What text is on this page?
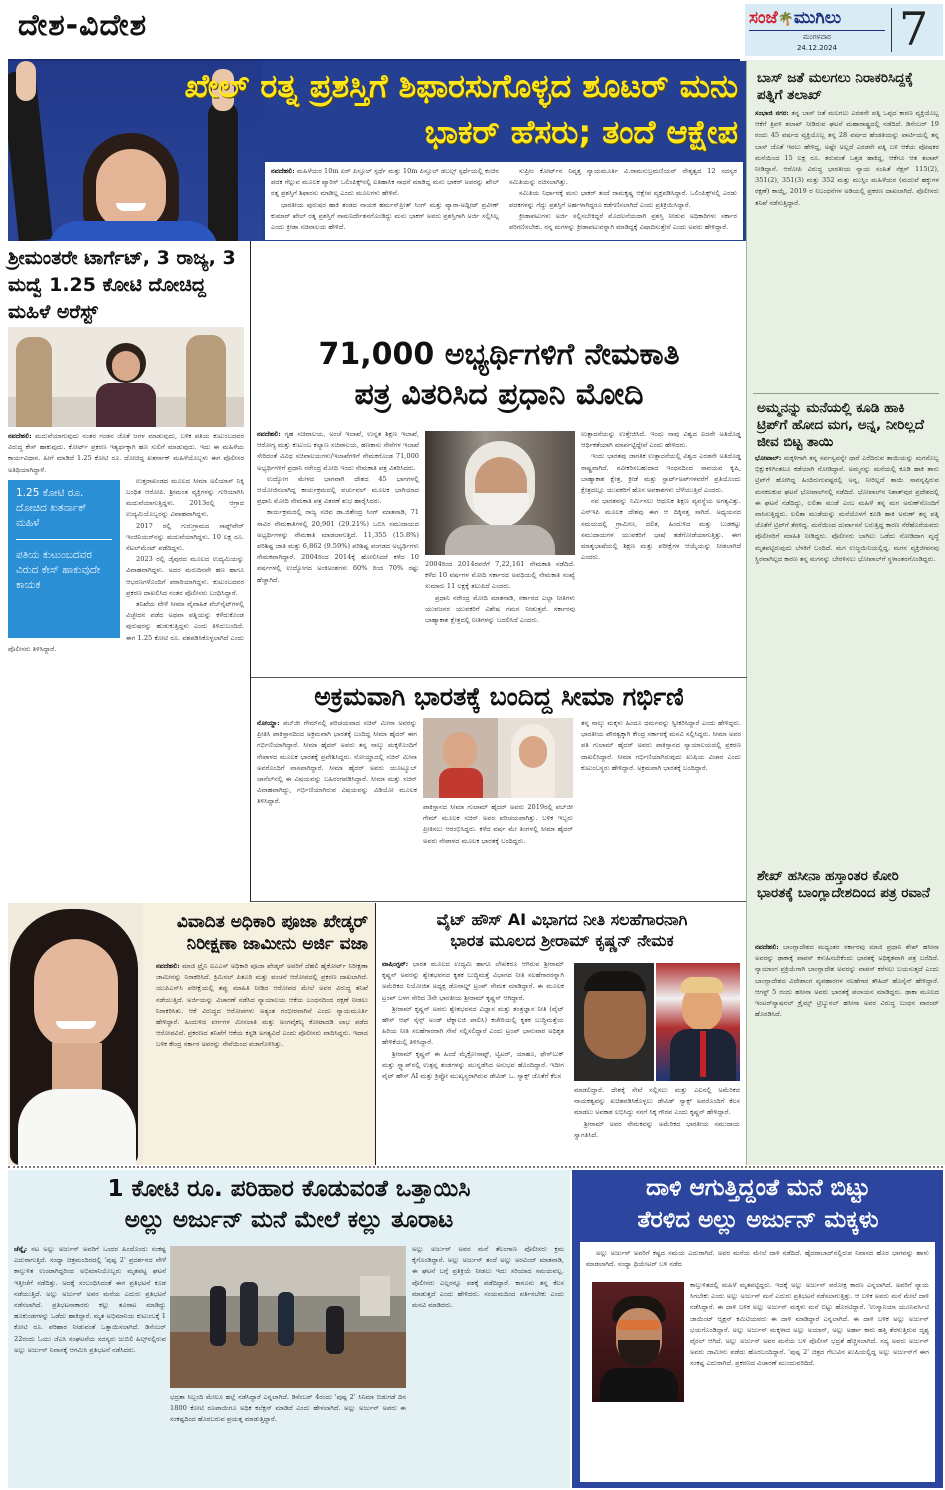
ದೇಶ-ವಿದೇಶ	ಸಂಜೆ🌴ಮುಗಿಲು
ಮಂಗಳವಾರ
24.12.2024	7
ಖೇಲ್ ರತ್ನ ಪ್ರಶಸ್ತಿಗೆ ಶಿಫಾರಸುಗೊಳ್ಳದ ಶೂಟರ್ ಮನು
ಭಾಕರ್ ಹೆಸರು; ತಂದೆ ಆಕ್ಷೇಪ

ನವದೆಹಲಿ: ಮಹಿಳೆಯರ 10m ಏರ್ ಪಿಸ್ತೂಲ್ ಸ್ಪರ್ಧೆ ಮತ್ತು 10m ಪಿಸ್ತೂಲ್ ಡಬಲ್ಸ್ ಸ್ಪರ್ಧೆಯಲ್ಲಿ ಕಂಚಿನ ಪದಕ ಗೆಲ್ಲುವ ಮೂಲಕ ಪ್ಯಾರಿಸ್ ಒಲಿಂಪಿಕ್ಸ್‌ನಲ್ಲಿ ಐತಿಹಾಸಿಕ ಸಾಧನೆ ಮಾಡಿದ್ದ ಮನು ಭಾಕರ್ ಅವರನ್ನು ಖೇಲ್ ರತ್ನ ಪ್ರಶಸ್ತಿಗೆ ಶಿಫಾರಸು ಮಾಡಿಲ್ಲ ಎಂದು ಮೂಲಗಳು ಹೇಳಿವೆ.

ಭಾರತೀಯ ಪುರುಷರ ಹಾಕಿ ತಂಡದ ನಾಯಕ ಹರ್ಮನ್‌ಪ್ರೀತ್ ಸಿಂಗ್ ಮತ್ತು ಪ್ಯಾರಾ-ಅಥ್ಲೀಟ್ ಪ್ರವೀಣ್ ಕುಮಾರ್ ಖೇಲ್ ರತ್ನ ಪ್ರಶಸ್ತಿಗೆ ನಾಮನಿರ್ದೇಶನಗೊಂಡಿದ್ದು ಮನು ಭಾಕರ್ ಅವರು ಪ್ರಶಸ್ತಿಗಾಗಿ ಅರ್ಜಿ ಸಲ್ಲಿಸಿಲ್ಲ ಎಂದು ಕ್ರೀಡಾ ಸಚಿವಾಲಯ ಹೇಳಿದೆ.

ಸುಪ್ರೀಂ ಕೋರ್ಟ್‌ನ ನಿವೃತ್ತ ನ್ಯಾಯಮೂರ್ತಿ ವಿ.ರಾಮಸುಬ್ರಮಣಿಯನ್ ನೇತೃತ್ವದ 12 ಸದಸ್ಯರ ಸಮಿತಿಯನ್ನು ರಚಿಸಲಾಗಿತ್ತು.

ಸಮಿತಿಯ ನಿರ್ಧಾರಕ್ಕೆ ಮನು ಭಾಕರ್ ತಂದೆ ರಾಮಕೃಷ್ಣ ಆಕ್ಷೇಪ ವ್ಯಕ್ತಪಡಿಸಿದ್ದಾರೆ. ಒಲಿಂಪಿಕ್ಸ್‌ನಲ್ಲಿ ಎರಡು ಪದಕಗಳನ್ನು ಗೆದ್ದು ಪ್ರಶಸ್ತಿಗೆ ಅರ್ಹಳಾಗಿದ್ದರೂ ಕಡೆಗಣಿಸಲಾಗಿದೆ ಎಂದು ಪ್ರತಿಕ್ರಿಯಿಸಿದ್ದಾರೆ.

ಕ್ರೀಡಾಪಟುಗಳು ಅರ್ಜಿ ಸಲ್ಲಿಸಬೇಕಿದ್ದರೆ ಮೊದಲನೆಯದಾಗಿ ಪ್ರಶಸ್ತಿ ನೀಡುವ ಅಧಿಕಾರಿಗಳು ಸರ್ಕಾರ ಪರಿಗಣಿಸಬೇಕು. ನನ್ನ ಮಗಳನ್ನು ಕ್ರೀಡಾಪಟುವನ್ನಾಗಿ ಮಾಡಿದ್ದಕ್ಕೆ ವಿಷಾದಿಸುತ್ತೇನೆ ಎಂದು ಅವರು ಹೇಳಿದ್ದಾರೆ.

ಬಾಸ್ ಜತೆ ಮಲಗಲು ನಿರಾಕರಿಸಿದ್ದಕ್ಕೆ ಪತ್ನಿಗೆ ತಲಾಖ್

ಸಂಭಾಜಿ ನಗರ: ತನ್ನ ಬಾಸ್ ಜತೆ ಮಲಗಲು ಎರಡನೇ ಪತ್ನಿ ಒಪ್ಪದ ಕಾರಣ ವ್ಯಕ್ತಿಯೊಬ್ಬ ಆಕೆಗೆ ತ್ರಿವಳಿ ತಲಾಖ್ ನೀಡಿರುವ ಘಟನೆ ಮಹಾರಾಷ್ಟ್ರದಲ್ಲಿ ನಡೆದಿದೆ. ಡಿಸೆಂಬರ್ 19 ರಂದು 45 ವರ್ಷದ ವ್ಯಕ್ತಿಯೊಬ್ಬ ತನ್ನ 28 ವರ್ಷದ ಹೆಂಡತಿಯನ್ನು ಪಾರ್ಟಿಯಲ್ಲಿ ತನ್ನ ಬಾಸ್ ಜೊತೆ ಇರಲು ಹೇಳಿದ್ದ, ಅಷ್ಟೇ ಅಲ್ಲದೆ ಎರಡನೇ ಪತ್ನಿ ಬಳಿ ಆಕೆಯ ಪೋಷಕರ ಮನೆಯಿಂದ 15 ಲಕ್ಷ ರೂ. ತರುವಂತೆ ಒತ್ತಡ ಹಾಕಿದ್ದ, ಆಕೆಗೂ ಆತ ತಲಾಖ್ ನೀಡಿದ್ದಾನೆ. ಆರೋಪಿ ವಿರುದ್ಧ ಭಾರತೀಯ ನ್ಯಾಯ ಸಂಹಿತೆ ಸೆಕ್ಷನ್ 115(2), 351(2), 351(3) ಮತ್ತು 352 ಮತ್ತು ಮುಸ್ಲಿಂ ಮಹಿಳೆಯರ (ಮದುವೆ ಹಕ್ಕುಗಳ ರಕ್ಷಣೆ) ಕಾಯ್ದೆ, 2019 ರ ನಿಬಂಧನೆಗಳ ಅಡಿಯಲ್ಲಿ ಪ್ರಕರಣ ದಾಖಲಾಗಿದೆ. ಪೊಲೀಸರು ತನಿಖೆ ನಡೆಸುತ್ತಿದ್ದಾರೆ.

ಅಮ್ಮನನ್ನು ಮನೆಯಲ್ಲಿ ಕೂಡಿ ಹಾಕಿ ಟ್ರಿಪ್‌ಗೆ ಹೋದ ಮಗ, ಅನ್ನ, ನೀರಿಲ್ಲದೆ ಜೀವ ಬಿಟ್ಟ ತಾಯಿ

ಭೋಪಾಲ್: ಮಕ್ಕಳಿಗಾಗಿ ತನ್ನ ಸರ್ವಸ್ವವನ್ನೇ ಧಾರೆ ಎರೆದಿರುವ ತಾಯಿಯನ್ನು ಮಗನೊಬ್ಬ ಭಿಕ್ಷುಕಳಿಗಿಂತಲೂ ಕಡೆಯಾಗಿ ನೋಡಿದ್ದಾನೆ. ಅಮ್ಮನನ್ನು ಮನೆಯಲ್ಲಿ ಕೂಡಿ ಹಾಕಿ ತಾನು ಟ್ರಿಪ್‌ಗೆ ಹೋಗಿದ್ದ ಹಿಂದಿರುಗುವಷ್ಟರಲ್ಲಿ ಅನ್ನ, ನೀರಿಲ್ಲದೆ ತಾಯಿ ಸಾವನ್ನಪ್ಪಿರುವ ಮನಕಲಕುವ ಘಟನೆ ಭೋಪಾಲ್‌ನಲ್ಲಿ ನಡೆದಿದೆ. ಭೋಪಾಲ್‌ನ ನಿಶಾತ್‌ಪುರ ಪ್ರದೇಶದಲ್ಲಿ ಈ ಘಟನೆ ನಡೆದಿದ್ದು, ಲಲಿತಾ ಮುಡೆ ಎಂಬ ಮಹಿಳೆ ತನ್ನ ಮಗ ಅರುಣ್‌ನೊಂದಿಗೆ ವಾಸಿಸುತ್ತಿದ್ದರು. ಲಲಿತಾ ಮುಡೆಯನ್ನು ಮನೆಯೊಳಗೆ ಕೂಡಿ ಹಾಕಿ ಅರುಣ್ ತನ್ನ ಪತ್ನಿ ಜೊತೆಗೆ ಟ್ರಿಪ್‌ಗೆ ತೆರಳಿದ್ದ. ಮನೆಯಿಂದ ದುರ್ವಾಸನೆ ಬರುತ್ತಿದ್ದ ಕಾರಣ ನೆರೆಹೊರೆಯವರು ಪೊಲೀಸರಿಗೆ ಮಾಹಿತಿ ನೀಡಿದ್ದರು. ಪೊಲೀಸರು ಬಾಗಿಲು ಒಡೆದು ನೋಡಿದಾಗ ವೃದ್ಧೆ ಮೃತಪಟ್ಟಿರುವುದು ಬೆಳಕಿಗೆ ಬಂದಿದೆ. ಮಗ ಉಜ್ಜಯಿನಿಯಲ್ಲಿದ್ದ. ಮಗನ ವ್ಯಕ್ತಿಜೀವನವು ಸ್ಥಿರವಾಗಿಲ್ಲದ ಕಾರಣ ತನ್ನ ಮಗನನ್ನು ಬೇರಳಿಸಲು ಭೋಪಾಲ್‌ಗೆ ಸ್ಥಳಾಂತರಗೊಂಡಿದ್ದರು.

ಶೇಖ್ ಹಸೀನಾ ಹಸ್ತಾಂತರ ಕೋರಿ ಭಾರತಕ್ಕೆ ಬಾಂಗ್ಲಾದೇಶದಿಂದ ಪತ್ರ ರವಾನೆ

ನವದೆಹಲಿ: ಬಾಂಗ್ಲಾದೇಶದ ಮಧ್ಯಂತರ ಸರ್ಕಾರವು ಮಾಜಿ ಪ್ರಧಾನಿ ಶೇಖ್ ಹಸೀನಾ ಅವರನ್ನು ಢಾಕಾಕ್ಕೆ ವಾಪಸ್ ಕಳುಹಿಸಬೇಕೆಂದು ಭಾರತಕ್ಕೆ ಅಧಿಕೃತವಾಗಿ ಪತ್ರ ಬರೆದಿದೆ. ನ್ಯಾಯಾಂಗ ಪ್ರಕ್ರಿಯೆಗಾಗಿ ಬಾಂಗ್ಲಾದೇಶ ಅವರನ್ನು ವಾಪಸ್ ಕರೆಸಲು ಬಯಸುತ್ತದೆ ಎಂದು ಬಾಂಗ್ಲಾದೇಶದ ವಿದೇಶಾಂಗ ವ್ಯವಹಾರಗಳ ಸಲಹೆಗಾರ ತೌಹಿದ್ ಹೊಸೈನ್ ಹೇಳಿದ್ದಾರೆ. ಆಗಸ್ಟ್ 5 ರಂದು ಹಸೀನಾ ಅವರು ಭಾರತಕ್ಕೆ ಪಲಾಯನ ಮಾಡಿದ್ದರು. ಢಾಕಾ ಮೂಲದ ಇಂಟರ್‌ನ್ಯಾಷನಲ್ ಕ್ರೈಮ್ಸ್ ಟ್ರಿಬ್ಯುನಲ್ ಹಸೀನಾ ಅವರ ವಿರುದ್ಧ ಬಂಧನ ವಾರಂಟ್ ಹೊರಡಿಸಿದೆ.

ಶ್ರೀಮಂತರೇ ಟಾರ್ಗೆಟ್, 3 ರಾಜ್ಯ, 3 ಮದ್ವೆ 1.25 ಕೋಟಿ ದೋಚಿದ್ದ ಮಹಿಳೆ ಅರೆಸ್ಟ್

ನವದೆಹಲಿ: ಮದುವೆಯಾಗುವುದು ನಂತರ ಗಂಡನ ಜೊತೆ ಜಗಳ ಮಾಡುವುದು, ಬಳಿಕ ಪತಿಯ ಕುಟುಂಬದವರ ವಿರುದ್ಧ ಕೇಸ್ ಹಾಕುವುದು. ಕೋರ್ಟ್ ಪ್ರಕರಣ ಇತ್ಯರ್ಥಕ್ಕಾಗಿ ಹಣ ಸುಲಿಗೆ ಮಾಡುವುದು. ಇದು ಈ ಮಹಿಳೆಯ ಕಾರ್ಯವಿಧಾನ. ಹೀಗೆ ಮಾಡಿದೆ 1.25 ಕೋಟಿ ರೂ. ದೋಚಿದ್ದ ಖತರ್ನಾಕ್ ಮಹಿಳೆಯೊಬ್ಬಳು ಈಗ ಪೊಲೀಸರ ಅತಿಥಿಯಾಗಿದ್ದಾಳೆ.

1.25 ಕೋಟಿ ರೂ. ದೋಚಿದ ಖತರ್ನಾಕ್ ಮಹಿಳೆ
ಪತಿಯ ಕುಟುಂಬದವರ ವಿರುದ ಕೇಸ್ ಹಾಕುವುದೇ ಕಾಯಕ

ಉತ್ತರಾಖಂಡದ ಮೂಲದ ಸೀಮಾ ಅಲಿಯಾಸ್ ನಿಕ್ಕಿ ಬಂಧಿತ ಆರೋಪಿ. ಶ್ರೀಮಂತ ವ್ಯಕ್ತಿಗಳನ್ನು ಗುರಿಯಾಗಿಸಿ ಮದುವೆಯಾಗುತ್ತಿದ್ದಳು. 2013ರಲ್ಲಿ ಆಗ್ರಾದ ಉದ್ಯಮಿಯೊಬ್ಬರನ್ನು ವಿವಾಹವಾಗಿದ್ದಳು.

2017 ರಲ್ಲಿ ಗುರುಗ್ರಾಮದ ಸಾಫ್ಟ್‌ವೇರ್ ಇಂಜಿನಿಯರ್‌ನನ್ನು ಮದುವೆಯಾಗಿದ್ದಳು. 10 ಲಕ್ಷ ರೂ. ಸೆಟಲ್‌ಮೆಂಟ್ ಪಡೆದಿದ್ದಳು.

2023 ರಲ್ಲಿ ಜೈಪುರದ ಮೂಲದ ಉದ್ಯಮಿಯನ್ನು ವಿವಾಹವಾಗಿದ್ದಳು. ಅದರ ಮರುದಿನವೇ ಹಣ ಹಾಗೂ ಆಭರಣಗಳೊಂದಿಗೆ ಪರಾರಿಯಾಗಿದ್ದಳು. ಕುಟುಂಬದವರ ಪ್ರಕರಣ ದಾಖಲಿಸಿದ ನಂತರ ಪೊಲೀಸರು ಬಂಧಿಸಿದ್ದಾರೆ.

ತನಿಖೆಯ ವೇಳೆ ಸೀಮಾ ವೈವಾಹಿಕ ವೆಬ್‌ಸೈಟ್‌ಗಳಲ್ಲಿ ವಿಚ್ಛೇದನ ಪಡೆದ ಅಥವಾ ಪತ್ನಿಯನ್ನು ಕಳೆದುಕೊಂಡ ಪುರುಷರನ್ನು ಹುಡುಕುತ್ತಿದ್ದಳು ಎಂದು ತಿಳಿದುಬಂದಿದೆ. ಈಗ 1.25 ಕೋಟಿ ರೂ. ವಶಪಡಿಸಿಕೊಳ್ಳಲಾಗಿದೆ ಎಂದು ಪೊಲೀಸರು ತಿಳಿಸಿದ್ದಾರೆ.

71,000 ಅಭ್ಯರ್ಥಿಗಳಿಗೆ ನೇಮಕಾತಿ
ಪತ್ರ ವಿತರಿಸಿದ ಪ್ರಧಾನಿ ಮೋದಿ

ನವದೆಹಲಿ: ಗೃಹ ಸಚಿವಾಲಯ, ಅಂಚೆ ಇಲಾಖೆ, ಉನ್ನತ ಶಿಕ್ಷಣ ಇಲಾಖೆ, ಆರೋಗ್ಯ ಮತ್ತು ಕುಟುಂಬ ಕಲ್ಯಾಣ ಸಚಿವಾಲಯ, ಹಣಕಾಸು ಸೇವೆಗಳ ಇಲಾಖೆ ಸೇರಿದಂತೆ ವಿವಿಧ ಸಚಿವಾಲಯಗಳು/ಇಲಾಖೆಗಳಿಗೆ ನೇಮಕಗೊಂಡ 71,000 ಅಭ್ಯರ್ಥಿಗಳಿಗೆ ಪ್ರಧಾನಿ ನರೇಂದ್ರ ಮೋದಿ ಇಂದು ನೇಮಕಾತಿ ಪತ್ರ ವಿತರಿಸಿದರು.

ಉದ್ಯೋಗ ಮೇಳದ ಭಾಗವಾಗಿ ದೇಶದ 45 ಭಾಗಗಳಲ್ಲಿ ಆಯೋಜಿಸಲಾಗಿದ್ದ ಕಾರ್ಯಕ್ರಮದಲ್ಲಿ ವರ್ಚುವಲ್ ಮೂಲಕ ಭಾಗಿಯಾದ ಪ್ರಧಾನಿ ಮೋದಿ ನೇಮಕಾತಿ ಪತ್ರ ವಿತರಣೆ ಶುಭ ಹಾರೈಸಿದರು.

ಕಾರ್ಯಕ್ರಮದಲ್ಲಿ ರಾಜ್ಯ ಸಚಿವ ಡಾ.ಜಿತೇಂದ್ರ ಸಿಂಗ್ ಮಾತನಾಡಿ, 71 ಸಾವಿರ ನೇಮಕಾತಿಗಳಲ್ಲಿ 20,901 (29.21%) ಒಬಿಸಿ ಸಮುದಾಯದ ಅಭ್ಯರ್ಥಿಗಳನ್ನು ನೇಮಕಾತಿ ಮಾಡಲಾಗುತ್ತಿದೆ. 11,355 (15.8%) ಪರಿಶಿಷ್ಟ ಜಾತಿ ಮತ್ತು 6,862 (9.59%) ಪರಿಶಿಷ್ಟ ಪಂಗಡದ ಅಭ್ಯರ್ಥಿಗಳು ನೇಮಕವಾಗಿದ್ದಾರೆ. 2004ರಿಂದ 2014ಕ್ಕೆ ಹೋಲಿಸಿದರೆ ಕಳೆದ 10 ವರ್ಷಗಳಲ್ಲಿ ಉದ್ಯೋಗದ ಅಂಕಿಅಂಶಗಳು 60% ರಿಂದ 70% ರಷ್ಟು ಹೆಚ್ಚಾಗಿದೆ.

2004ರಿಂದ 2014ರವರೆಗೆ 7,22,161 ನೇಮಕಾತಿ ನಡೆದಿದೆ. ಕಳೆದ 10 ವರ್ಷಗಳ ಮೋದಿ ಸರ್ಕಾರದ ಅವಧಿಯಲ್ಲಿ ನೇಮಕಾತಿ ಸಂಖ್ಯೆ ಸುಮಾರು 11 ಲಕ್ಷಕ್ಕೆ ತಲುಪಿದೆ ಎಂದರು.

ಪ್ರಧಾನಿ ನರೇಂದ್ರ ಮೋದಿ ಮಾತನಾಡಿ, ಸರ್ಕಾರದ ಎಲ್ಲಾ ನೀತಿಗಳು ಯುವಜನರ ಯುವಕರಿಗೆ ವಿಶೇಷ ಗಮನ ನೀಡುತ್ತವೆ. ಸರ್ಕಾರವು ಬಾಹ್ಯಾಕಾಶ ಕ್ಷೇತ್ರದಲ್ಲಿ ನೀತಿಗಳನ್ನು ಬದಲಿಸಿದೆ ಎಂದರು.

ಉತ್ಪಾದನೆಯನ್ನು ಉತ್ತೇಜಿಸಿದೆ. ಇಂದು ನಾವು ವಿಶ್ವದ ಐದನೇ ಅತಿದೊಡ್ಡ ಆರ್ಥಿಕತೆಯಾಗಿ ಮಾರ್ಪಟ್ಟಿದ್ದೇವೆ ಎಂದು ಹೇಳಿದರು.

ಇಂದು ಭಾರತವು ಜಾಗತಿಕ ಉತ್ಪಾದನೆಯಲ್ಲಿ ವಿಶ್ವದ ಎರಡನೇ ಅತಿದೊಡ್ಡ ರಾಷ್ಟ್ರವಾಗಿದೆ. ನವೀಕರಿಸಬಹುದಾದ ಇಂಧನದಿಂದ ಸಾವಯವ ಕೃಷಿ, ಬಾಹ್ಯಾಕಾಶ ಕ್ಷೇತ್ರ, ಕ್ರೀಡೆ ಮತ್ತು ಸ್ಟಾರ್ಟ್‌ಅಪ್‌ಗಳವರೆಗೆ ಪ್ರತಿಯೊಂದು ಕ್ಷೇತ್ರದಲ್ಲೂ ಯುವಕರಿಗೆ ಹೊಸ ಅವಕಾಶಗಳು ಬೆಳೆಯುತ್ತಿವೆ ಎಂದರು.

ನವ ಭಾರತವನ್ನು ನಿರ್ಮಿಸಲು ಆಧುನಿಕ ಶಿಕ್ಷಣ ವ್ಯವಸ್ಥೆಯ ಅಗತ್ಯವಿತ್ತು. ಎನ್‌ಇಪಿ ಮೂಲಕ ದೇಶವು ಈಗ ಆ ದಿಕ್ಕಿನತ್ತ ಸಾಗಿದೆ. ಅಧ್ಯಯನದ ಸಮಯದಲ್ಲಿ ಗ್ರಾಮೀಣ, ದಲಿತ, ಹಿಂದುಳಿದ ಮತ್ತು ಬುಡಕಟ್ಟು ಸಮುದಾಯಗಳ ಯುವಕರಿಗೆ ಭಾಷೆ ತಡೆಗೋಡೆಯಾಗುತ್ತಿತ್ತು. ಈಗ ಮಾತೃಭಾಷೆಯಲ್ಲಿ ಶಿಕ್ಷಣ ಮತ್ತು ಪರೀಕ್ಷೆಗಳ ಆಯ್ಕೆಯನ್ನು ನೀಡಲಾಗಿದೆ ಎಂದರು.

ಅಕ್ರಮವಾಗಿ ಭಾರತಕ್ಕೆ ಬಂದಿದ್ದ ಸೀಮಾ ಗರ್ಭಿಣಿ

ನೋಯ್ಡಾ: ಪಬ್‌ಜೀ ಗೇಮ್‌ನಲ್ಲಿ ಪರಿಚಯವಾದ ಸಚಿನ್ ಮೀನಾ ಅವರನ್ನು ಪ್ರೀತಿಸಿ ಪಾಕಿಸ್ತಾನದಿಂದ ಅಕ್ರಮವಾಗಿ ಭಾರತಕ್ಕೆ ಬಂದಿದ್ದ ಸೀಮಾ ಹೈದರ್ ಈಗ ಗರ್ಭಿಣಿಯಾಗಿದ್ದಾರೆ. ಸೀಮಾ ಹೈದರ್ ಅವರು ತನ್ನ ನಾಲ್ಕು ಮಕ್ಕಳೊಂದಿಗೆ ನೇಪಾಳದ ಮೂಲಕ ಭಾರತಕ್ಕೆ ಪ್ರವೇಶಿಸಿದ್ದರು. ನೋಯ್ಡಾದಲ್ಲಿ ಸಚಿನ್ ಮೀನಾ ಅವರೊಂದಿಗೆ ವಾಸವಾಗಿದ್ದಾರೆ. ಸೀಮಾ ಹೈದರ್ ಅವರು ಯೂಟ್ಯೂಬ್ ಚಾನೆಲ್‌ನಲ್ಲಿ ಈ ವಿಷಯವನ್ನು ಬಹಿರಂಗಪಡಿಸಿದ್ದಾರೆ. ಸೀಮಾ ಮತ್ತು ಸಚಿನ್ ವಿವಾಹವಾಗಿದ್ದು, ಗರ್ಭಿಣಿಯಾಗಿರುವ ವಿಷಯವನ್ನು ವಿಡಿಯೋ ಮೂಲಕ ತಿಳಿಸಿದ್ದಾರೆ.

ಪಾಕಿಸ್ತಾನದ ಸೀಮಾ ಗುಲಾಮ್ ಹೈದರ್ ಅವರು 2019ರಲ್ಲಿ ಪಬ್‌ಜೀ ಗೇಮ್ ಮೂಲಕ ಸಚಿನ್ ಅವರ ಪರಿಚಯವಾಗಿತ್ತು. ಬಳಿಕ ಇಬ್ಬರು ಪ್ರೀತಿಸಲು ಆರಂಭಿಸಿದ್ದರು. ಕಳೆದ ವರ್ಷ ಮೇ ತಿಂಗಳಲ್ಲಿ ಸೀಮಾ ಹೈದರ್ ಅವರು ನೇಪಾಳದ ಮೂಲಕ ಭಾರತಕ್ಕೆ ಬಂದಿದ್ದರು.

ತನ್ನ ನಾಲ್ಕು ಮಕ್ಕಳು ಹಿಂದೂ ಧರ್ಮವನ್ನು ಸ್ವೀಕರಿಸಿದ್ದಾರೆ ಎಂದು ಹೇಳಿದ್ದರು. ಭಾರತೀಯ ಪೌರತ್ವಕ್ಕಾಗಿ ಕೇಂದ್ರ ಸರ್ಕಾರಕ್ಕೆ ಮನವಿ ಸಲ್ಲಿಸಿದ್ದರು. ಸೀಮಾ ಅವರ ಪತಿ ಗುಲಾಮ್ ಹೈದರ್ ಅವರು ಪಾಕಿಸ್ತಾನದ ನ್ಯಾಯಾಲಯದಲ್ಲಿ ಪ್ರಕರಣ ದಾಖಲಿಸಿದ್ದಾರೆ. ಸೀಮಾ ಗರ್ಭಿಣಿಯಾಗಿರುವುದು ಖುಷಿಯ ವಿಚಾರ ಎಂದು ಕುಟುಂಬಸ್ಥರು ಹೇಳಿದ್ದಾರೆ. ಅಕ್ರಮವಾಗಿ ಭಾರತಕ್ಕೆ ಬಂದಿದ್ದಾರೆ.

ವಿವಾದಿತ ಅಧಿಕಾರಿ ಪೂಜಾ ಖೇಡ್ಕರ್
ನಿರೀಕ್ಷಣಾ ಜಾಮೀನು ಅರ್ಜಿ ವಜಾ

ನವದೆಹಲಿ: ಮಾಜಿ ಟ್ರೈನಿ ಐಎಎಸ್ ಅಧಿಕಾರಿ ಪೂಜಾ ಖೇಡ್ಕರ್ ಅವರಿಗೆ ದೆಹಲಿ ಹೈಕೋರ್ಟ್ ನಿರೀಕ್ಷಣಾ ಜಾಮೀನನ್ನು ನಿರಾಕರಿಸಿದೆ. ಕ್ರಿಮಿನಲ್ ಪಿತೂರಿ ಮತ್ತು ವಂಚನೆ ಆರೋಪದಲ್ಲಿ ಪ್ರಕರಣ ದಾಖಲಾಗಿದೆ. ಯುಪಿಎಸ್‌ಸಿ ಪರೀಕ್ಷೆಯಲ್ಲಿ ತಪ್ಪು ಮಾಹಿತಿ ನೀಡಿದ ಆರೋಪದ ಮೇಲೆ ಅವರ ವಿರುದ್ಧ ತನಿಖೆ ನಡೆಯುತ್ತಿದೆ. ಅರ್ಜಿಯನ್ನು ವಿಚಾರಣೆ ನಡೆಸಿದ ನ್ಯಾಯಾಲಯ ಆಕೆಯ ಬಂಧನದಿಂದ ರಕ್ಷಣೆ ನೀಡಲು ನಿರಾಕರಿಸಿತು. ಆಕೆ ವಿರುದ್ಧದ ಆರೋಪಗಳು ಅತ್ಯಂತ ಗಂಭೀರವಾಗಿವೆ ಎಂದು ನ್ಯಾಯಮೂರ್ತಿ ಹೇಳಿದ್ದಾರೆ. ಹಿಂದುಳಿದ ವರ್ಗಗಳ ಮೀಸಲಾತಿ ಮತ್ತು ಅಂಗವೈಕಲ್ಯ ಕೋಟಾದಡಿ ಲಾಭ ಪಡೆದ ಆರೋಪವಿದೆ. ಪ್ರಕರಣದ ತನಿಖೆಗೆ ಆಕೆಯ ಕಸ್ಟಡಿ ಅಗತ್ಯವಿದೆ ಎಂದು ಪೊಲೀಸರು ವಾದಿಸಿದ್ದರು. ಇದಾದ ಬಳಿಕ ಕೇಂದ್ರ ಸರ್ಕಾರ ಅವರನ್ನು ಸೇವೆಯಿಂದ ವಜಾಗೊಳಿಸಿತ್ತು.

ವೈಟ್ ಹೌಸ್ AI ವಿಭಾಗದ ನೀತಿ ಸಲಹೆಗಾರನಾಗಿ
ಭಾರತ ಮೂಲದ ಶ್ರೀರಾಮ್ ಕೃಷ್ಣನ್ ನೇಮಕ

ವಾಷಿಂಗ್ಟನ್: ಭಾರತ ಮೂಲದ ಉದ್ಯಮಿ ಹಾಗೂ ಲೇಖಕರೂ ಆಗಿರುವ ಶ್ರೀರಾಮ್ ಕೃಷ್ಣನ್ ಅವರನ್ನು ಶ್ವೇತಭವನದ ಕೃತಕ ಬುದ್ಧಿಮತ್ತೆ ವಿಭಾಗದ ನೀತಿ ಸಲಹೆಗಾರರನ್ನಾಗಿ ಅಮೆರಿಕದ ನಿಯೋಜಿತ ಅಧ್ಯಕ್ಷ ಡೊನಾಲ್ಡ್ ಟ್ರಂಪ್ ನೇಮಕ ಮಾಡಿದ್ದಾರೆ. ಈ ಮೂಲಕ ಟ್ರಂಪ್ ಬಳಗ ಸೇರಿದ 3ನೇ ಭಾರತೀಯ ಶ್ರೀರಾಮ್ ಕೃಷ್ಣನ್ ಆಗಿದ್ದಾರೆ.

ಶ್ರೀರಾಮ್ ಕೃಷ್ಣನ್ ಅವರು ಶ್ವೇತಭವನದ ವಿಜ್ಞಾನ ಮತ್ತು ತಂತ್ರಜ್ಞಾನ ನೀತಿ (ವೈಟ್ ಹೌಸ್ ಆಫ್ ಸೈನ್ಸ್ ಅಂಡ್ ಟೆಕ್ನಾಲಜಿ ಪಾಲಿಸಿ) ಕಚೇರಿಯಲ್ಲಿ ಕೃತಕ ಬುದ್ಧಿಮತ್ತೆಯ ಹಿರಿಯ ನೀತಿ ಸಲಹೆಗಾರರಾಗಿ ಸೇವೆ ಸಲ್ಲಿಸಲಿದ್ದಾರೆ ಎಂದು ಟ್ರಂಪ್ ಭಾನುವಾರ ಅಧಿಕೃತ ಹೇಳಿಕೆಯಲ್ಲಿ ತಿಳಿಸಿದ್ದಾರೆ.

ಶ್ರೀರಾಮ್ ಕೃಷ್ಣನ್ ಈ ಹಿಂದೆ ಮೈಕ್ರೋಸಾಫ್ಟ್, ಟ್ವಿಟರ್, ಯಾಹೂ, ಫೇಸ್‌ಬುಕ್ ಮತ್ತು ಸ್ನ್ಯಾಪ್‌ನಲ್ಲಿ ಉತ್ಪನ್ನ ತಂಡಗಳನ್ನು ಮುನ್ನಡೆಸಿದ ಅನುಭವ ಹೊಂದಿದ್ದಾರೆ. ಇದೀಗ ವೈಟ್ ಹೌಸ್ AI ಮತ್ತು ಕ್ರಿಪ್ಟೋ ಮುಖ್ಯಸ್ಥರಾಗಿರುವ ಡೇವಿಡ್ ಒ. ಸ್ಯಾಕ್ಸ್ ಜೊತೆಗೆ ಕೆಲಸ

ಮಾಡಲಿದ್ದಾರೆ. ದೇಶಕ್ಕೆ ಸೇವೆ ಸಲ್ಲಿಸಲು ಮತ್ತು ಎಐನಲ್ಲಿ ಅಮೆರಿಕದ ನಾಯಕತ್ವವನ್ನು ಖಚಿತಪಡಿಸಿಕೊಳ್ಳಲು ಡೇವಿಡ್ ಸ್ಯಾಕ್ಸ್ ಅವರೊಂದಿಗೆ ಕೆಲಸ ಮಾಡಲು ಅವಕಾಶ ಲಭಿಸಿದ್ದು ನನಗೆ ಸಿಕ್ಕ ಗೌರವ ಎಂದು ಕೃಷ್ಣನ್ ಹೇಳಿದ್ದಾರೆ.

ಶ್ರೀರಾಮ್ ಅವರ ನೇಮಕವನ್ನು ಅಮೆರಿಕದ ಭಾರತೀಯ ಸಮುದಾಯ ಸ್ವಾಗತಿಸಿದೆ.

1 ಕೋಟಿ ರೂ. ಪರಿಹಾರ ಕೊಡುವಂತೆ ಒತ್ತಾಯಿಸಿ
ಅಲ್ಲು ಅರ್ಜುನ್ ಮನೆ ಮೇಲೆ ಕಲ್ಲು ತೂರಾಟ

ಚೆನ್ನೈ: ನಟ ಅಲ್ಲು ಅರ್ಜುನ್ ಅವರಿಗೆ ಒಂದರ ಹಿಂದೊಂದು ಸಂಕಷ್ಟ ಎದುರಾಗುತ್ತಿದೆ. ಸಂಧ್ಯಾ ಚಿತ್ರಮಂದಿರದಲ್ಲಿ 'ಪುಷ್ಪ 2' ಪ್ರದರ್ಶನದ ವೇಳೆ ಕಾಲ್ತುಳಿತ ಉಂಟಾಗಿದ್ದರಿಂದ ಅಭಿಮಾನಿಯೊಬ್ಬರು ಮೃತಪಟ್ಟ ಘಟನೆ ಇತ್ತೀಚೆಗೆ ನಡೆದಿತ್ತು. ಅದಕ್ಕೆ ಸಂಬಂಧಿಸಿದಂತೆ ಈಗ ಪ್ರತಿಭಟನೆ ಕೂಡ ನಡೆಯುತ್ತಿದೆ. ಅಲ್ಲು ಅರ್ಜುನ್ ಅವರ ಮನೆಯ ಎದುರು ಪ್ರತಿಭಟನೆ ನಡೆಸಲಾಗಿದೆ. ಪ್ರತಿಭಟನಾಕಾರರು ಕಲ್ಲು ತೂರಾಟ ಮಾಡಿದ್ದು ಹೂಕುಂಡಗಳನ್ನು ಒಡೆದು ಹಾಕಿದ್ದಾರೆ. ಮೃತ ಅಭಿಮಾನಿಯ ಕುಟುಂಬಕ್ಕೆ 1 ಕೋಟಿ ರೂ. ಪರಿಹಾರ ನೀಡುವಂತೆ ಒತ್ತಾಯಿಸಲಾಗಿದೆ. ಡಿಸೆಂಬರ್ 22ರಂದು ಓಯು ಜೆಎಸಿ ಸಂಘಟನೆಯ ಸದಸ್ಯರು ಜುಬಿಲಿ ಹಿಲ್ಸ್‌ನಲ್ಲಿರುವ ಅಲ್ಲು ಅರ್ಜುನ್ ನಿವಾಸಕ್ಕೆ ಆಗಮಿಸಿ ಪ್ರತಿಭಟನೆ ನಡೆಸಿದರು.

ಭದ್ರತಾ ಸಿಬ್ಬಂದಿ ಮೇಲೂ ಹಲ್ಲೆ ನಡೆಸಿದ್ದಾರೆ ಎನ್ನಲಾಗಿದೆ. ಡಿಸೆಂಬರ್ 4ರಂದು 'ಪುಷ್ಪ 2' ಸಿನಿಮಾ ಬಿಡುಗಡೆ ದಿನ 1800 ಕೋಟಿ ರೂಪಾಯಿಗೂ ಅಧಿಕ ಕಲೆಕ್ಷನ್ ಮಾಡಿದೆ ಎಂದು ಹೇಳಲಾಗಿದೆ. ಅಲ್ಲು ಅರ್ಜುನ್ ಅವರು ಈ ಸಂಕಷ್ಟದಿಂದ ಹೊರಬರುವ ಪ್ರಯತ್ನ ಮಾಡುತ್ತಿದ್ದಾರೆ.

ಅಲ್ಲು ಅರ್ಜುನ್ ಅವರ ಮನೆ ತೆಲಂಗಾಣ ಪೊಲೀಸರು ಕ್ರಮ ಕೈಗೊಂಡಿದ್ದಾರೆ. ಅಲ್ಲು ಅರ್ಜುನ್ ತಂದೆ ಅಲ್ಲು ಅರವಿಂದ್ ಮಾತನಾಡಿ, ಈ ಘಟನೆ ಬಗ್ಗೆ ಪ್ರತಿಕ್ರಿಯೆ ನೀಡಲು ಇದು ಸರಿಯಾದ ಸಮಯವಲ್ಲ. ಪೊಲೀಸರು ಎಲ್ಲರನ್ನೂ ವಶಕ್ಕೆ ಪಡೆದಿದ್ದಾರೆ. ಕಾನೂನು ತನ್ನ ಕೆಲಸ ಮಾಡುತ್ತದೆ ಎಂದು ಹೇಳಿದರು. ಸಂಯಮದಿಂದ ವರ್ತಿಸಬೇಕು ಎಂದು ಮನವಿ ಮಾಡಿದರು.

ದಾಳಿ ಆಗುತ್ತಿದ್ದಂತೆ ಮನೆ ಬಿಟ್ಟು
ತೆರಳಿದ ಅಲ್ಲು ಅರ್ಜುನ್ ಮಕ್ಕಳು

ಅಲ್ಲು ಅರ್ಜುನ್ ಅವರಿಗೆ ಕಷ್ಟದ ಸಮಯ ಎದುರಾಗಿದೆ. ಅವರ ಮನೆಯ ಮೇಲೆ ದಾಳಿ ನಡೆದಿದೆ. ಹೈದರಾಬಾದ್‌ನಲ್ಲಿರುವ ನಿವಾಸದ ಹೊರ ಭಾಗವನ್ನು ಹಾಳು ಮಾಡಲಾಗಿದೆ. ಸಂಧ್ಯಾ ಥಿಯೇಟರ್ ಬಳಿ ನಡೆದ

ಕಾಲ್ತುಳಿತದಲ್ಲಿ ಮಹಿಳೆ ಮೃತಪಟ್ಟಿದ್ದರು. ಇದಕ್ಕೆ ಅಲ್ಲು ಅರ್ಜುನ್ ಪರೋಕ್ಷ ಕಾರಣ ಎನ್ನಲಾಗಿದೆ. ಅವರಿಗೆ ನ್ಯಾಯ ಸಿಗಬೇಕು ಎಂದು ಅಲ್ಲು ಅರ್ಜುನ್ ಮನೆ ಎದುರು ಪ್ರತಿಭಟನೆ ನಡೆಸಲಾಗುತ್ತಿತ್ತು. ಆ ಬಳಿಕ ಅವರು ಮನೆ ಮೇಲೆ ದಾಳಿ ನಡೆಸಿದ್ದಾರೆ. ಈ ದಾಳಿ ಬಳಿಕ ಅಲ್ಲು ಅರ್ಜುನ್ ಮಕ್ಕಳು ಮನೆ ಬಿಟ್ಟು ಹೊರಟಿದ್ದಾರೆ. 'ಉಸ್ಮಾನಿಯಾ ಯೂನಿವರ್ಸಿಟಿ ಜಾಯಿಂಟ್ ಆ್ಯಕ್ಷನ್ ಕಮಿಟಿಯವರು ಈ ದಾಳಿ ಮಾಡಿದ್ದಾರೆ ಎನ್ನಲಾಗಿದೆ. ಈ ದಾಳಿ ಬಳಿಕ ಅಲ್ಲು ಅರ್ಜುನ್ ಭಯಗೊಂಡಿದ್ದಾರೆ. ಅಲ್ಲು ಅರ್ಜುನ್ ಮಕ್ಕಳಾದ ಅಲ್ಲು ಅಯಾನ್, ಅಲ್ಲು ಅರ್ಹಾ ಕಾರು ಹತ್ತಿ ತೆರಳುತ್ತಿರುವ ದೃಶ್ಯ ವೈರಲ್ ಆಗಿದೆ. ಅಲ್ಲು ಅರ್ಜುನ್ ಅವರ ಮನೆಯ ಬಳಿ ಪೊಲೀಸ್ ಭದ್ರತೆ ಹೆಚ್ಚಿಸಲಾಗಿದೆ. ಸದ್ಯ ಅವರು ಅರ್ಜುನ್ ಅವರು ಜಾಮೀನು ಪಡೆದು ಹೊರಬಂದಿದ್ದಾರೆ. 'ಪುಷ್ಪ 2' ಚಿತ್ರದ ಗೆಲುವಿನ ಖುಷಿಯಲ್ಲಿದ್ದ ಅಲ್ಲು ಅರ್ಜುನ್‌ಗೆ ಈಗ ಸಂಕಷ್ಟ ಎದುರಾಗಿದೆ. ಪ್ರಕರಣದ ವಿಚಾರಣೆ ಮುಂದುವರಿದಿದೆ.
